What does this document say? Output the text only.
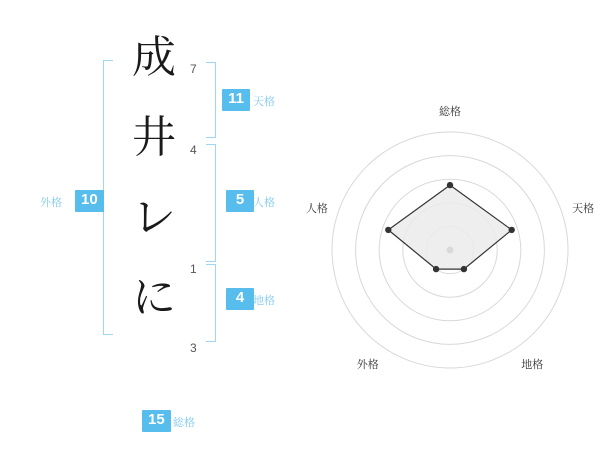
成
井
レ
に
7
4
1
3
10
外格
11 天格
5 人格
4 地格
15 総格
総格
天格
地格
外格
人格
